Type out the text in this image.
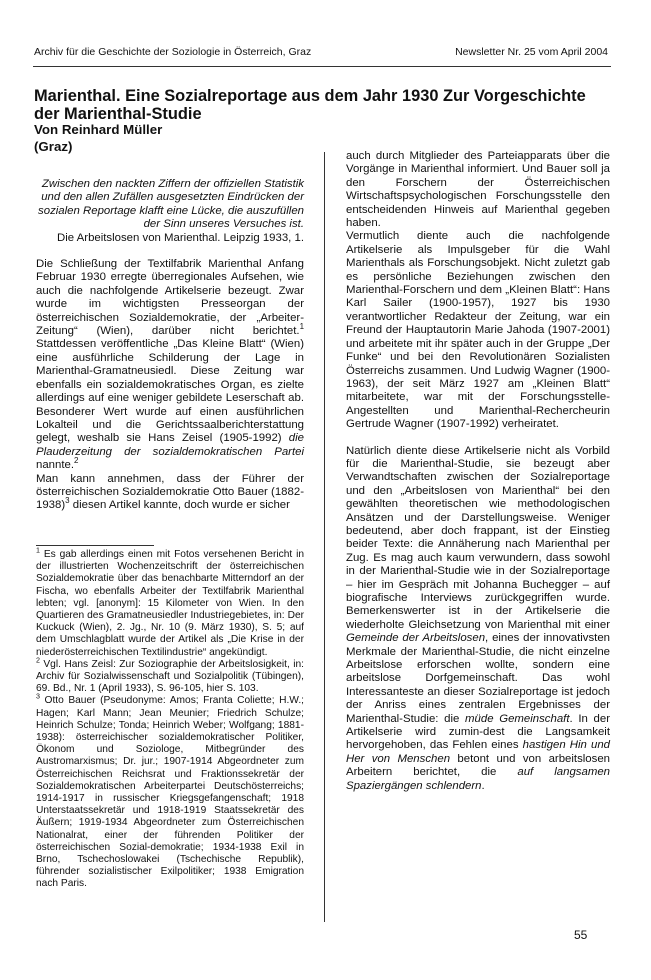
Archiv für die Geschichte der Soziologie in Österreich, Graz	Newsletter Nr. 25 vom April 2004
Marienthal. Eine Sozialreportage aus dem Jahr 1930 Zur Vorgeschichte der Marienthal-Studie
Von Reinhard Müller
(Graz)

Zwischen den nackten Ziffern der offiziellen Statistik und den allen Zufällen ausgesetzten Eindrücken der sozialen Reportage klafft eine Lücke, die auszufüllen der Sinn unseres Versuches ist.

Die Arbeitslosen von Marienthal. Leipzig 1933, 1.

Die Schließung der Textilfabrik Marienthal Anfang Februar 1930 erregte überregionales Aufsehen, wie auch die nachfolgende Artikelserie bezeugt. Zwar wurde im wichtigsten Presseorgan der österreichischen Sozialdemokratie, der „Arbeiter-Zeitung“ (Wien), darüber nicht berichtet.$^1$ Stattdessen veröffentliche „Das Kleine Blatt“ (Wien) eine ausführliche Schilderung der Lage in Marienthal-Gramatneusiedl. Diese Zeitung war ebenfalls ein sozialdemokratisches Organ, es zielte allerdings auf eine weniger gebildete Leserschaft ab. Besonderer Wert wurde auf einen ausführlichen Lokalteil und die Gerichtssaalberichterstattung gelegt, weshalb sie Hans Zeisel (1905-1992) die Plauderzeitung der sozialdemokratischen Partei nannte.$^2$

Man kann annehmen, dass der Führer der österreichischen Sozialdemokratie Otto Bauer (1882-1938)$^3$ diesen Artikel kannte, doch wurde er sicher

$^1$ Es gab allerdings einen mit Fotos versehenen Bericht in der illustrierten Wochenzeitschrift der österreichischen Sozialdemokratie über das benachbarte Mitterndorf an der Fischa, wo ebenfalls Arbeiter der Textilfabrik Marienthal lebten; vgl. [anonym]: 15 Kilometer von Wien. In den Quartieren des Gramatneusiedler Industriegebietes, in: Der Kuckuck (Wien), 2. Jg., Nr. 10 (9. März 1930), S. 5; auf dem Umschlagblatt wurde der Artikel als „Die Krise in der niederösterreichischen Textilindustrie“ angekündigt.

$^2$ Vgl. Hans Zeisl: Zur Soziographie der Arbeitslosigkeit, in: Archiv für Sozialwissenschaft und Sozialpolitik (Tübingen), 69. Bd., Nr. 1 (April 1933), S. 96-105, hier S. 103.

$^3$ Otto Bauer (Pseudonyme: Amos; Franta Coliette; H.W.; Hagen; Karl Mann; Jean Meunier; Friedrich Schulze; Heinrich Schulze; Tonda; Heinrich Weber; Wolfgang; 1881-1938): österreichischer sozialdemokratischer Politiker, Ökonom und Soziologe, Mitbegründer des Austromarxismus; Dr. jur.; 1907-1914 Abgeordneter zum Österreichischen Reichsrat und Fraktionssekretär der Sozialdemokratischen Arbeiterpartei Deutschösterreichs; 1914-1917 in russischer Kriegsgefangenschaft; 1918 Unterstaatssekretär und 1918-1919 Staatssekretär des Äußern; 1919-1934 Abgeordneter zum Österreichischen Nationalrat, einer der führenden Politiker der österreichischen Sozial-demokratie; 1934-1938 Exil in Brno, Tschechoslowakei (Tschechische Republik), führender sozialistischer Exilpolitiker; 1938 Emigration nach Paris.

auch durch Mitglieder des Parteiapparats über die Vorgänge in Marienthal informiert. Und Bauer soll ja den Forschern der Österreichischen Wirtschaftspsychologischen Forschungsstelle den entscheidenden Hinweis auf Marienthal gegeben haben.

Vermutlich diente auch die nachfolgende Artikelserie als Impulsgeber für die Wahl Marienthals als Forschungsobjekt. Nicht zuletzt gab es persönliche Beziehungen zwischen den Marienthal-Forschern und dem „Kleinen Blatt“: Hans Karl Sailer (1900-1957), 1927 bis 1930 verantwortlicher Redakteur der Zeitung, war ein Freund der Hauptautorin Marie Jahoda (1907-2001) und arbeitete mit ihr später auch in der Gruppe „Der Funke“ und bei den Revolutionären Sozialisten Österreichs zusammen. Und Ludwig Wagner (1900-1963), der seit März 1927 am „Kleinen Blatt“ mitarbeitete, war mit der Forschungsstelle-Angestellten und Marienthal-Rechercheurin Gertrude Wagner (1907-1992) verheiratet.

Natürlich diente diese Artikelserie nicht als Vorbild für die Marienthal-Studie, sie bezeugt aber Verwandtschaften zwischen der Sozialreportage und den „Arbeitslosen von Marienthal“ bei den gewählten theoretischen wie methodologischen Ansätzen und der Darstellungsweise. Weniger bedeutend, aber doch frappant, ist der Einstieg beider Texte: die Annäherung nach Marienthal per Zug. Es mag auch kaum verwundern, dass sowohl in der Marienthal-Studie wie in der Sozialreportage – hier im Gespräch mit Johanna Buchegger – auf biografische Interviews zurückgegriffen wurde. Bemerkenswerter ist in der Artikelserie die wiederholte Gleichsetzung von Marienthal mit einer Gemeinde der Arbeitslosen, eines der innovativsten Merkmale der Marienthal-Studie, die nicht einzelne Arbeitslose erforschen wollte, sondern eine arbeitslose Dorfgemeinschaft. Das wohl Interessanteste an dieser Sozialreportage ist jedoch der Anriss eines zentralen Ergebnisses der Marienthal-Studie: die müde Gemeinschaft. In der Artikelserie wird zumin-dest die Langsamkeit hervorgehoben, das Fehlen eines hastigen Hin und Her von Menschen betont und von arbeitslosen Arbeitern berichtet, die auf langsamen Spaziergängen schlendern.

55
